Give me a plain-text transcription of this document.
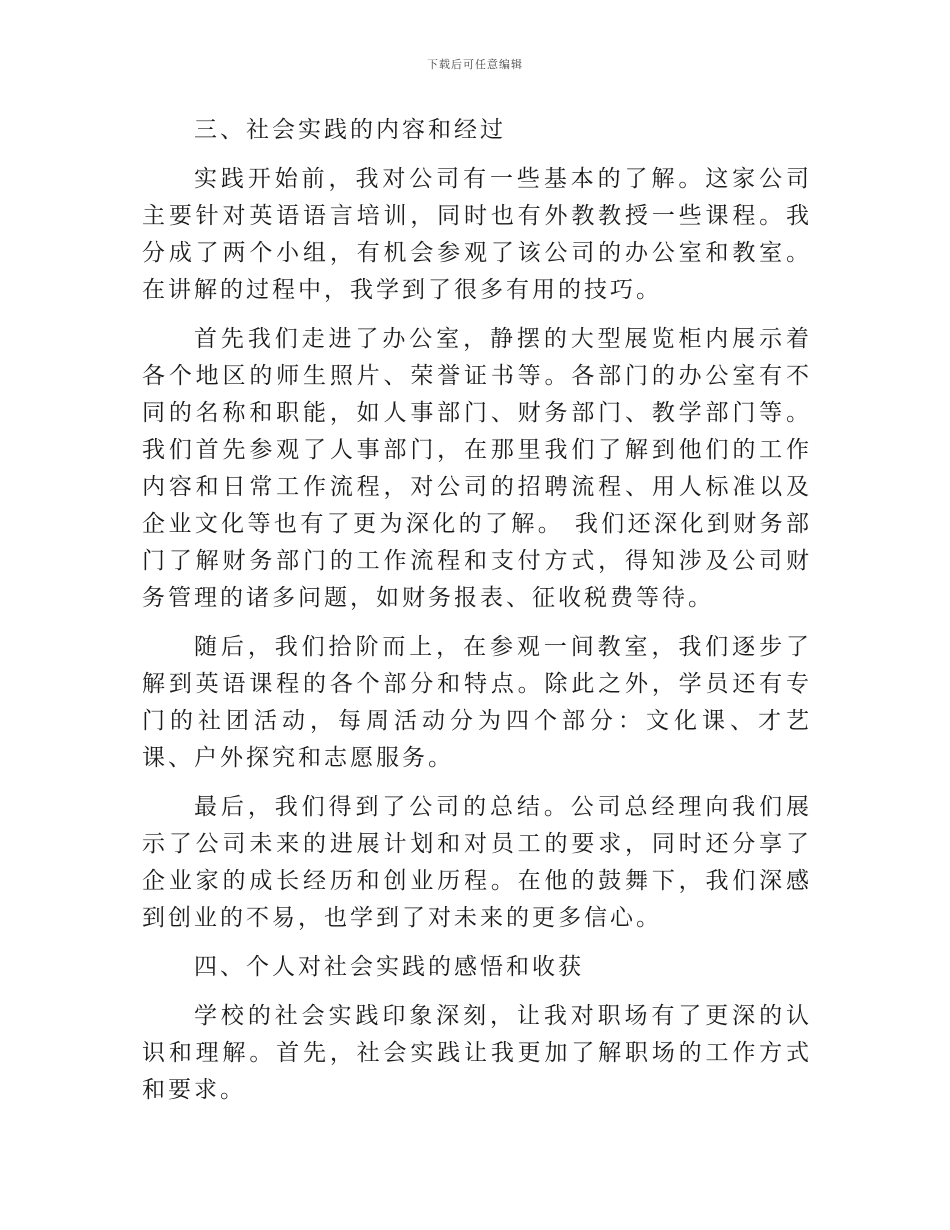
下载后可任意编辑

三、社会实践的内容和经过

实践开始前，我对公司有一些基本的了解。这家公司主要针对英语语言培训，同时也有外教教授一些课程。我分成了两个小组，有机会参观了该公司的办公室和教室。在讲解的过程中，我学到了很多有用的技巧。

首先我们走进了办公室，静摆的大型展览柜内展示着各个地区的师生照片、荣誉证书等。各部门的办公室有不同的名称和职能，如人事部门、财务部门、教学部门等。我们首先参观了人事部门，在那里我们了解到他们的工作内容和日常工作流程，对公司的招聘流程、用人标准以及企业文化等也有了更为深化的了解。 我们还深化到财务部门了解财务部门的工作流程和支付方式，得知涉及公司财务管理的诸多问题，如财务报表、征收税费等待。

随后，我们拾阶而上，在参观一间教室，我们逐步了解到英语课程的各个部分和特点。除此之外，学员还有专门的社团活动，每周活动分为四个部分：文化课、才艺课、户外探究和志愿服务。

最后，我们得到了公司的总结。公司总经理向我们展示了公司未来的进展计划和对员工的要求，同时还分享了企业家的成长经历和创业历程。在他的鼓舞下，我们深感到创业的不易，也学到了对未来的更多信心。

四、个人对社会实践的感悟和收获

学校的社会实践印象深刻，让我对职场有了更深的认识和理解。首先，社会实践让我更加了解职场的工作方式和要求。
